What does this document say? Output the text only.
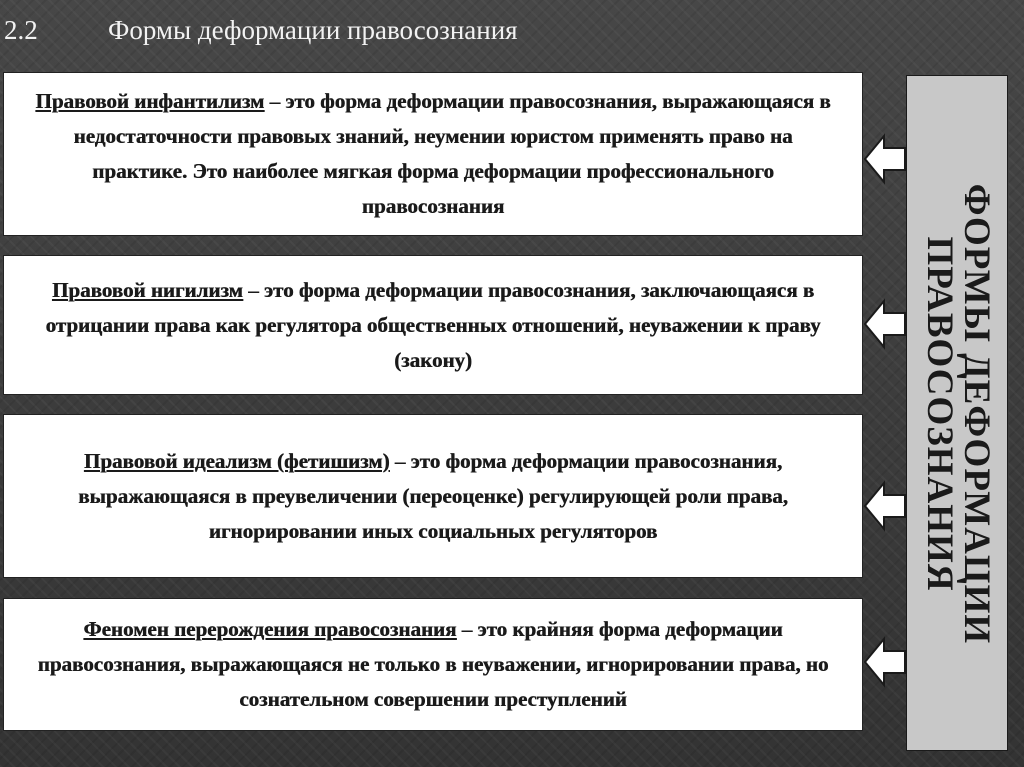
2.2	Формы деформации правосознания

Правовой инфантилизм – это форма деформации правосознания, выражающаяся в недостаточности правовых знаний, неумении юристом применять право на практике. Это наиболее мягкая форма деформации профессионального правосознания

Правовой нигилизм – это форма деформации правосознания, заключающаяся в отрицании права как регулятора общественных отношений, неуважении к праву (закону)

Правовой идеализм (фетишизм) – это форма деформации правосознания, выражающаяся в преувеличении (переоценке) регулирующей роли права, игнорировании иных социальных регуляторов

Феномен перерождения правосознания – это крайняя форма деформации правосознания, выражающаяся не только в неуважении, игнорировании права, но сознательном совершении преступлений

ФОРМЫ ДЕФОРМАЦИИ
ПРАВОСОЗНАНИЯ
